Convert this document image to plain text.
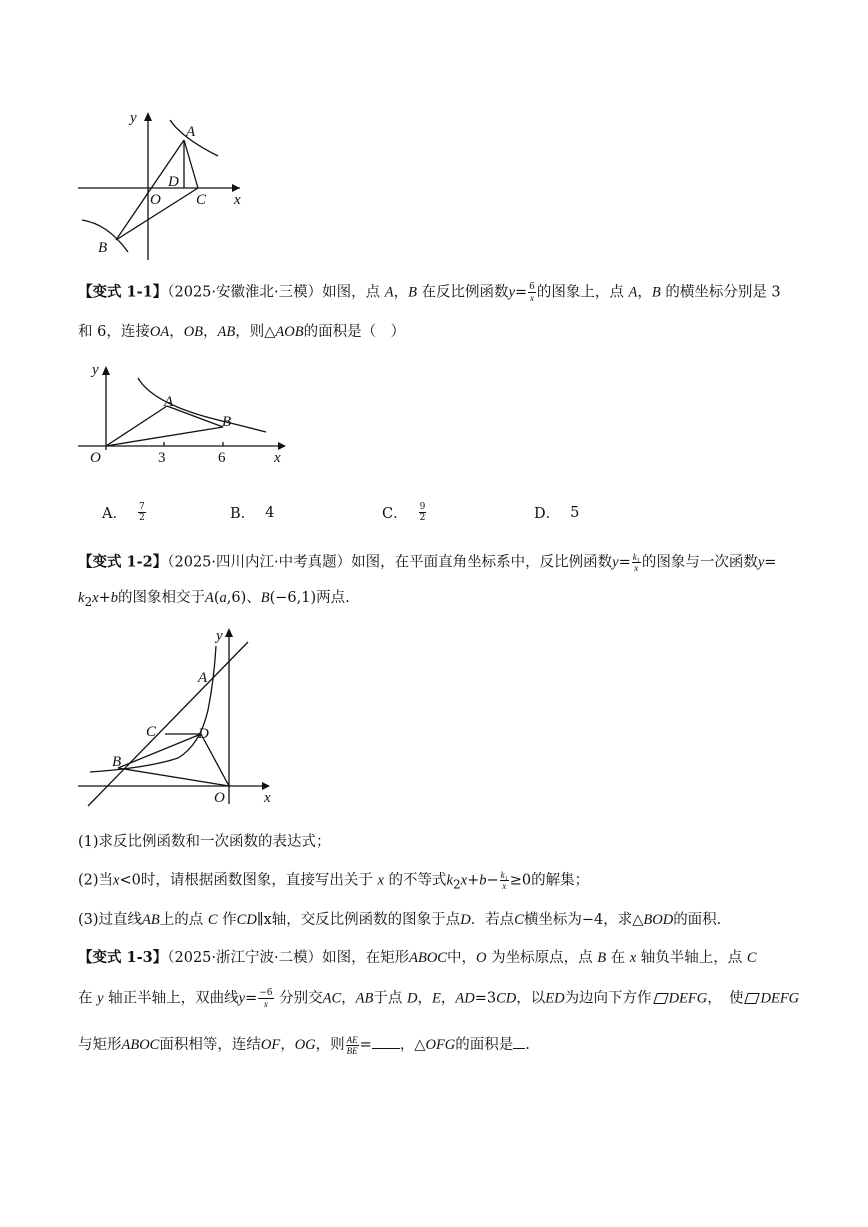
y
x
A
B
C
D
O
【变式 1-1】（2025·安徽淮北·三模）如图，点 A，B 在反比例函数$y= \frac{6}{x}$ 的图象上，点 A，B 的横坐标分别是 3
和 6，连接OA，OB，AB，则△AOB的面积是（　）
y
x
O
A
B
3	6
A． $\frac{7}{2}$	B． 4	C． $\frac{9}{2}$	D． 5
【变式 1-2】（2025·四川内江·中考真题）如图，在平面直角坐标系中，反比例函数$y= \frac{\text{k₁}}{x}$ 的图象与一次函数y=
$k_2x+b$的图象相交于A(a,6)、B(−6,1)两点.
y
x
O
A
B
C	D
(1)求反比例函数和一次函数的表达式；
(2)当x<0时，请根据函数图象，直接写出关于 x 的不等式$k_2x+b- \frac{\text{k₁}}{x} \ge 0$的解集；
(3)过直线AB上的点 C 作CD∥x轴，交反比例函数的图象于点D．若点C横坐标为−4，求△BOD的面积．
【变式 1-3】（2025·浙江宁波·二模）如图，在矩形ABOC中，O 为坐标原点，点 B 在 x 轴负半轴上，点 C
在 y 轴正半轴上，双曲线$y= \frac{-6}{x}$ 分别交AC，AB于点 D，E，AD=3CD，以ED为边向下方作 DEFG，　使 DEFG
与矩形ABOC面积相等，连结OF，OG，则 $\frac{AE}{BE}$ = ，△OFG的面积是 .
